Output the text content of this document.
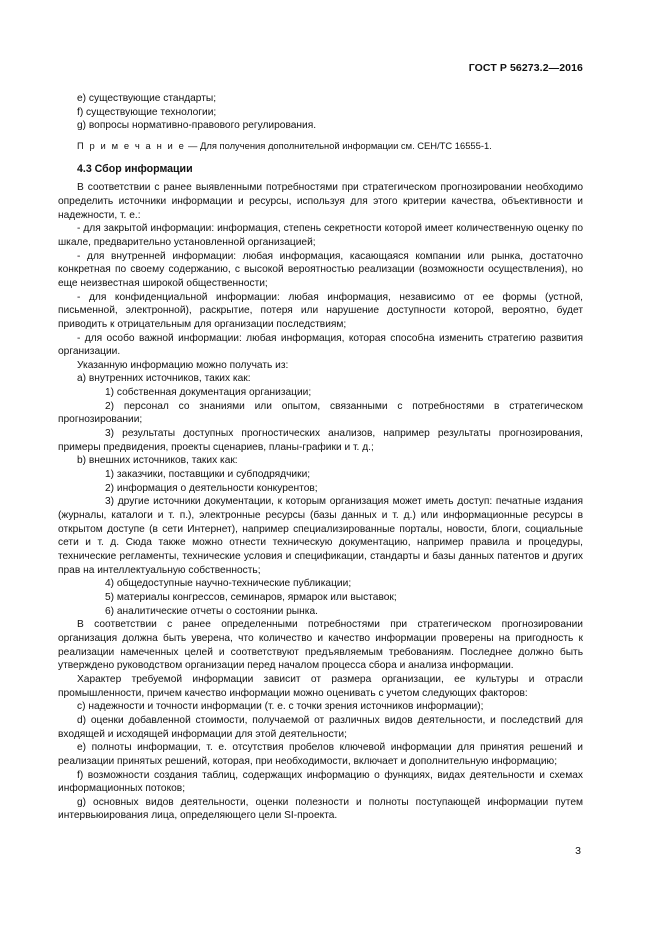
ГОСТ Р 56273.2—2016

e) существующие стандарты;

f) существующие технологии;

g) вопросы нормативно-правового регулирования.

П р и м е ч а н и е — Для получения дополнительной информации см. CEH/TC 16555-1.

4.3 Сбор информации

В соответствии с ранее выявленными потребностями при стратегическом прогнозировании необходимо определить источники информации и ресурсы, используя для этого критерии качества, объективности и надежности, т. е.:

- для закрытой информации: информация, степень секретности которой имеет количественную оценку по шкале, предварительно установленной организацией;

- для внутренней информации: любая информация, касающаяся компании или рынка, достаточно конкретная по своему содержанию, с высокой вероятностью реализации (возможности осуществления), но еще неизвестная широкой общественности;

- для конфиденциальной информации: любая информация, независимо от ее формы (устной, письменной, электронной), раскрытие, потеря или нарушение доступности которой, вероятно, будет приводить к отрицательным для организации последствиям;

- для особо важной информации: любая информация, которая способна изменить стратегию развития организации.

Указанную информацию можно получать из:

a) внутренних источников, таких как:

1) собственная документация организации;

2) персонал со знаниями или опытом, связанными с потребностями в стратегическом прогнозировании;

3) результаты доступных прогностических анализов, например результаты прогнозирования, примеры предвидения, проекты сценариев, планы-графики и т. д.;

b) внешних источников, таких как:

1) заказчики, поставщики и субподрядчики;

2) информация о деятельности конкурентов;

3) другие источники документации, к которым организация может иметь доступ: печатные издания (журналы, каталоги и т. п.), электронные ресурсы (базы данных и т. д.) или информационные ресурсы в открытом доступе (в сети Интернет), например специализированные порталы, новости, блоги, социальные сети и т. д. Сюда также можно отнести техническую документацию, например правила и процедуры, технические регламенты, технические условия и спецификации, стандарты и базы данных патентов и других прав на интеллектуальную собственность;

4) общедоступные научно-технические публикации;

5) материалы конгрессов, семинаров, ярмарок или выставок;

6) аналитические отчеты о состоянии рынка.

В соответствии с ранее определенными потребностями при стратегическом прогнозировании организация должна быть уверена, что количество и качество информации проверены на пригодность к реализации намеченных целей и соответствуют предъявляемым требованиям. Последнее должно быть утверждено руководством организации перед началом процесса сбора и анализа информации.

Характер требуемой информации зависит от размера организации, ее культуры и отрасли промышленности, причем качество информации можно оценивать с учетом следующих факторов:

c) надежности и точности информации (т. е. с точки зрения источников информации);

d) оценки добавленной стоимости, получаемой от различных видов деятельности, и последствий для входящей и исходящей информации для этой деятельности;

e) полноты информации, т. е. отсутствия пробелов ключевой информации для принятия решений и реализации принятых решений, которая, при необходимости, включает и дополнительную информацию;

f) возможности создания таблиц, содержащих информацию о функциях, видах деятельности и схемах информационных потоков;

g) основных видов деятельности, оценки полезности и полноты поступающей информации путем интервьюирования лица, определяющего цели SI-проекта.

3
